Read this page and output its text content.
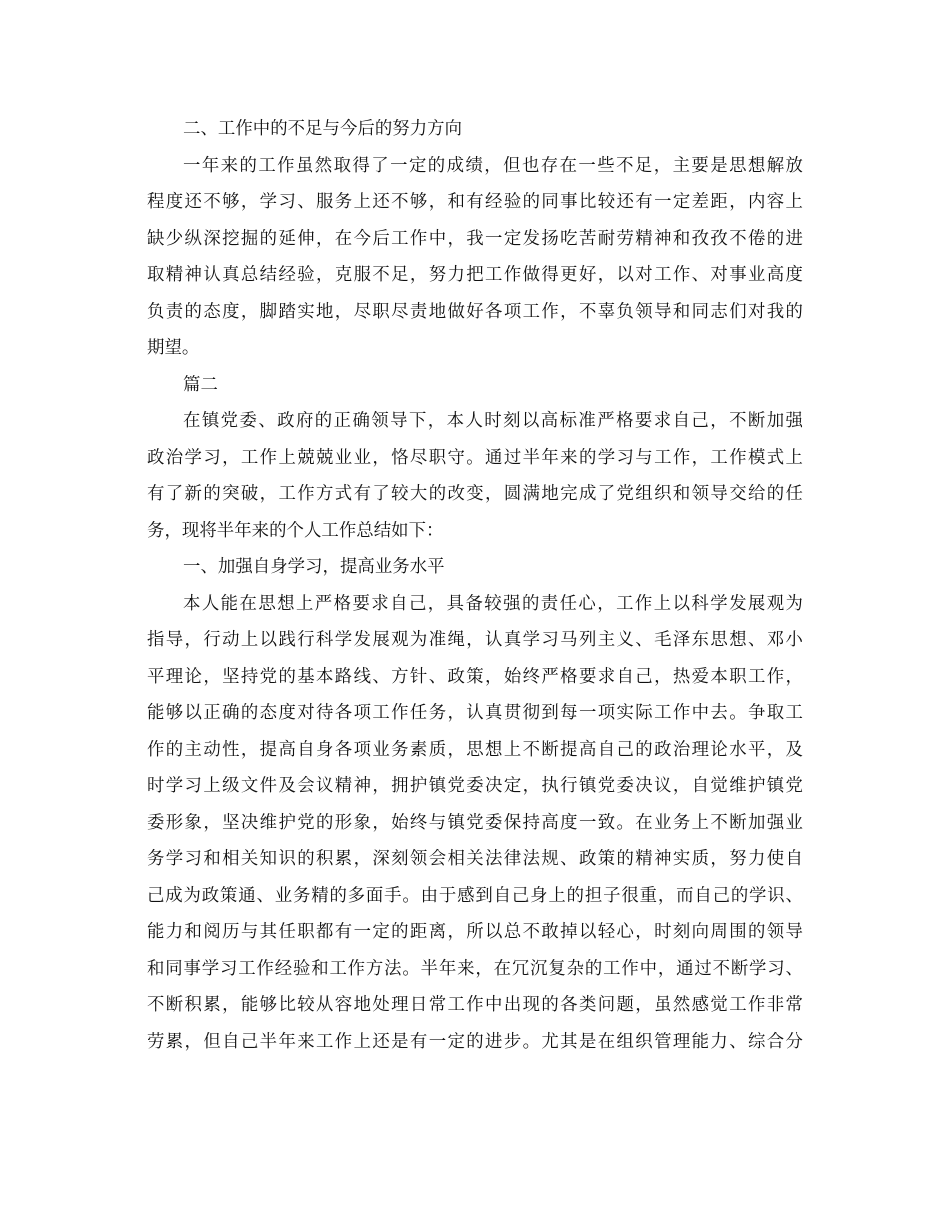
二、工作中的不足与今后的努力方向
一年来的工作虽然取得了一定的成绩，但也存在一些不足，主要是思想解放
程度还不够，学习、服务上还不够，和有经验的同事比较还有一定差距，内容上
缺少纵深挖掘的延伸，在今后工作中，我一定发扬吃苦耐劳精神和孜孜不倦的进
取精神认真总结经验，克服不足，努力把工作做得更好，以对工作、对事业高度
负责的态度，脚踏实地，尽职尽责地做好各项工作，不辜负领导和同志们对我的
期望。
篇二
在镇党委、政府的正确领导下，本人时刻以高标准严格要求自己，不断加强
政治学习，工作上兢兢业业，恪尽职守。通过半年来的学习与工作，工作模式上
有了新的突破，工作方式有了较大的改变，圆满地完成了党组织和领导交给的任
务，现将半年来的个人工作总结如下：
一、加强自身学习，提高业务水平
本人能在思想上严格要求自己，具备较强的责任心，工作上以科学发展观为
指导，行动上以践行科学发展观为准绳，认真学习马列主义、毛泽东思想、邓小
平理论，坚持党的基本路线、方针、政策，始终严格要求自己，热爱本职工作，
能够以正确的态度对待各项工作任务，认真贯彻到每一项实际工作中去。争取工
作的主动性，提高自身各项业务素质，思想上不断提高自己的政治理论水平，及
时学习上级文件及会议精神，拥护镇党委决定，执行镇党委决议，自觉维护镇党
委形象，坚决维护党的形象，始终与镇党委保持高度一致。在业务上不断加强业
务学习和相关知识的积累，深刻领会相关法律法规、政策的精神实质，努力使自
己成为政策通、业务精的多面手。由于感到自己身上的担子很重，而自己的学识、
能力和阅历与其任职都有一定的距离，所以总不敢掉以轻心，时刻向周围的领导
和同事学习工作经验和工作方法。半年来，在冗沉复杂的工作中，通过不断学习、
不断积累，能够比较从容地处理日常工作中出现的各类问题，虽然感觉工作非常
劳累，但自己半年来工作上还是有一定的进步。尤其是在组织管理能力、综合分
